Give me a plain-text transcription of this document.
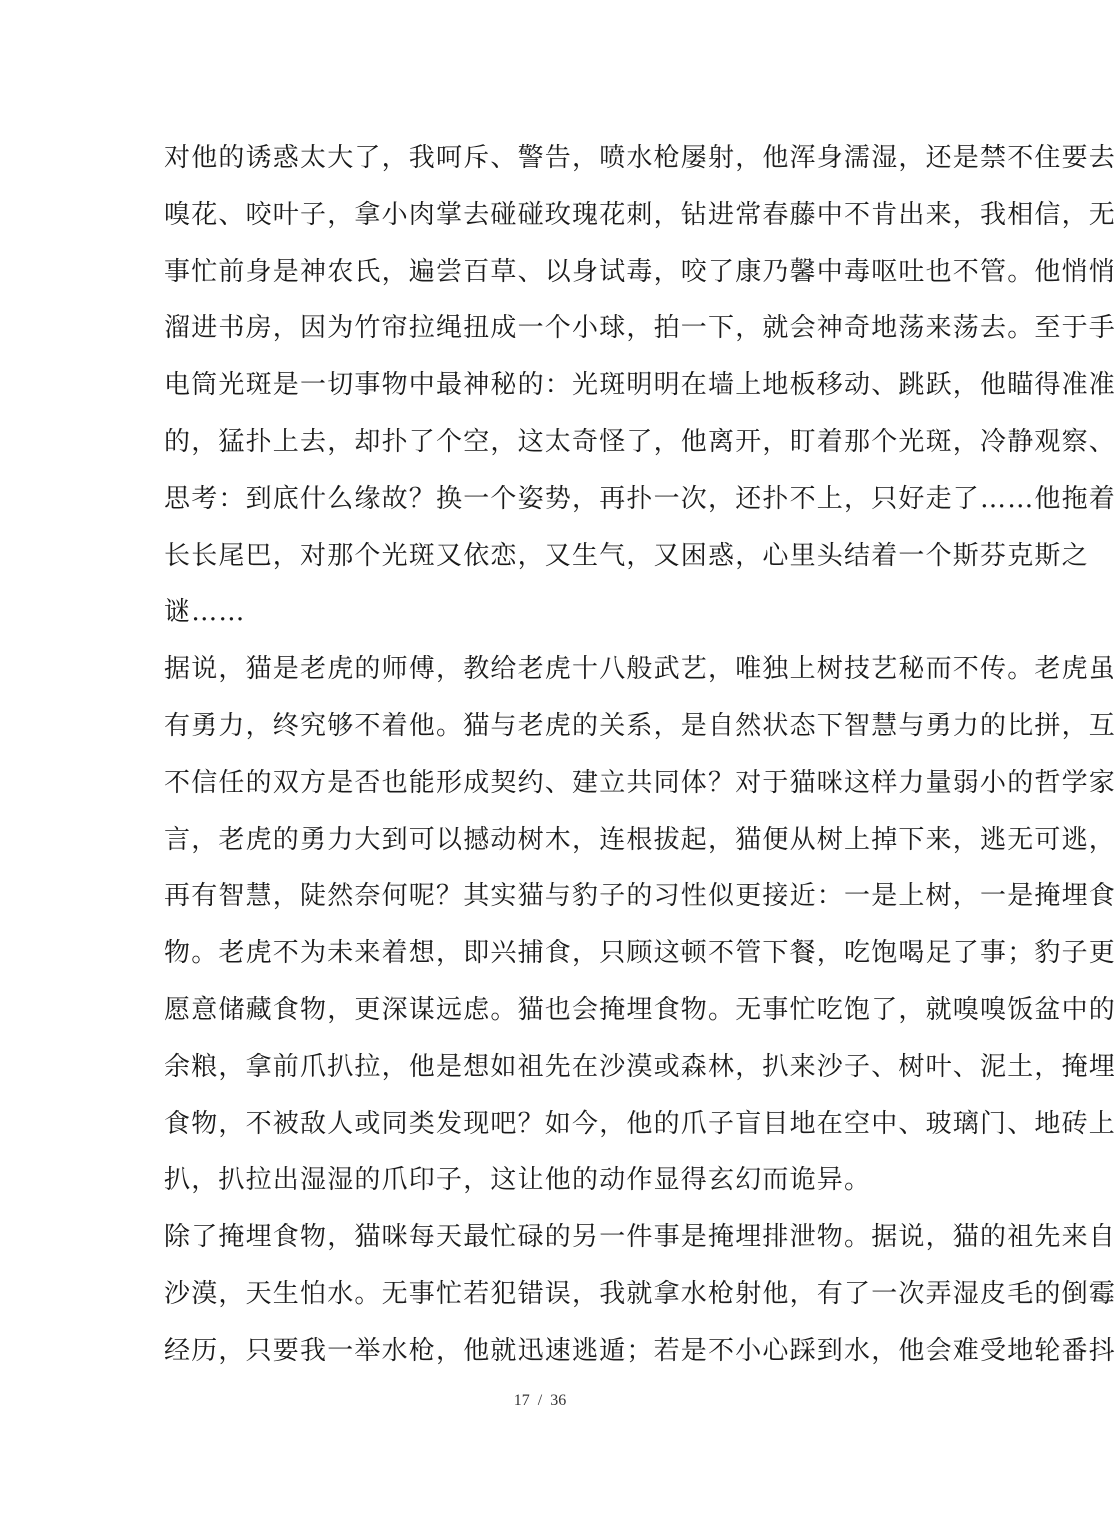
对他的诱惑太大了，我呵斥、警告，喷水枪屡射，他浑身濡湿，还是禁不住要去
嗅花、咬叶子，拿小肉掌去碰碰玫瑰花刺，钻进常春藤中不肯出来，我相信，无
事忙前身是神农氏，遍尝百草、以身试毒，咬了康乃馨中毒呕吐也不管。他悄悄
溜进书房，因为竹帘拉绳扭成一个小球，拍一下，就会神奇地荡来荡去。至于手
电筒光斑是一切事物中最神秘的：光斑明明在墙上地板移动、跳跃，他瞄得准准
的，猛扑上去，却扑了个空，这太奇怪了，他离开，盯着那个光斑，冷静观察、
思考：到底什么缘故？换一个姿势，再扑一次，还扑不上，只好走了……他拖着
长长尾巴，对那个光斑又依恋，又生气，又困惑，心里头结着一个斯芬克斯之
谜……
据说，猫是老虎的师傅，教给老虎十八般武艺，唯独上树技艺秘而不传。老虎虽
有勇力，终究够不着他。猫与老虎的关系，是自然状态下智慧与勇力的比拼，互
不信任的双方是否也能形成契约、建立共同体？对于猫咪这样力量弱小的哲学家
言，老虎的勇力大到可以撼动树木，连根拔起，猫便从树上掉下来，逃无可逃，
再有智慧，陡然奈何呢？其实猫与豹子的习性似更接近：一是上树，一是掩埋食
物。老虎不为未来着想，即兴捕食，只顾这顿不管下餐，吃饱喝足了事；豹子更
愿意储藏食物，更深谋远虑。猫也会掩埋食物。无事忙吃饱了，就嗅嗅饭盆中的
余粮，拿前爪扒拉，他是想如祖先在沙漠或森林，扒来沙子、树叶、泥土，掩埋
食物，不被敌人或同类发现吧？如今，他的爪子盲目地在空中、玻璃门、地砖上
扒，扒拉出湿湿的爪印子，这让他的动作显得玄幻而诡异。
除了掩埋食物，猫咪每天最忙碌的另一件事是掩埋排泄物。据说，猫的祖先来自
沙漠，天生怕水。无事忙若犯错误，我就拿水枪射他，有了一次弄湿皮毛的倒霉
经历，只要我一举水枪，他就迅速逃遁；若是不小心踩到水，他会难受地轮番抖
17 / 36
